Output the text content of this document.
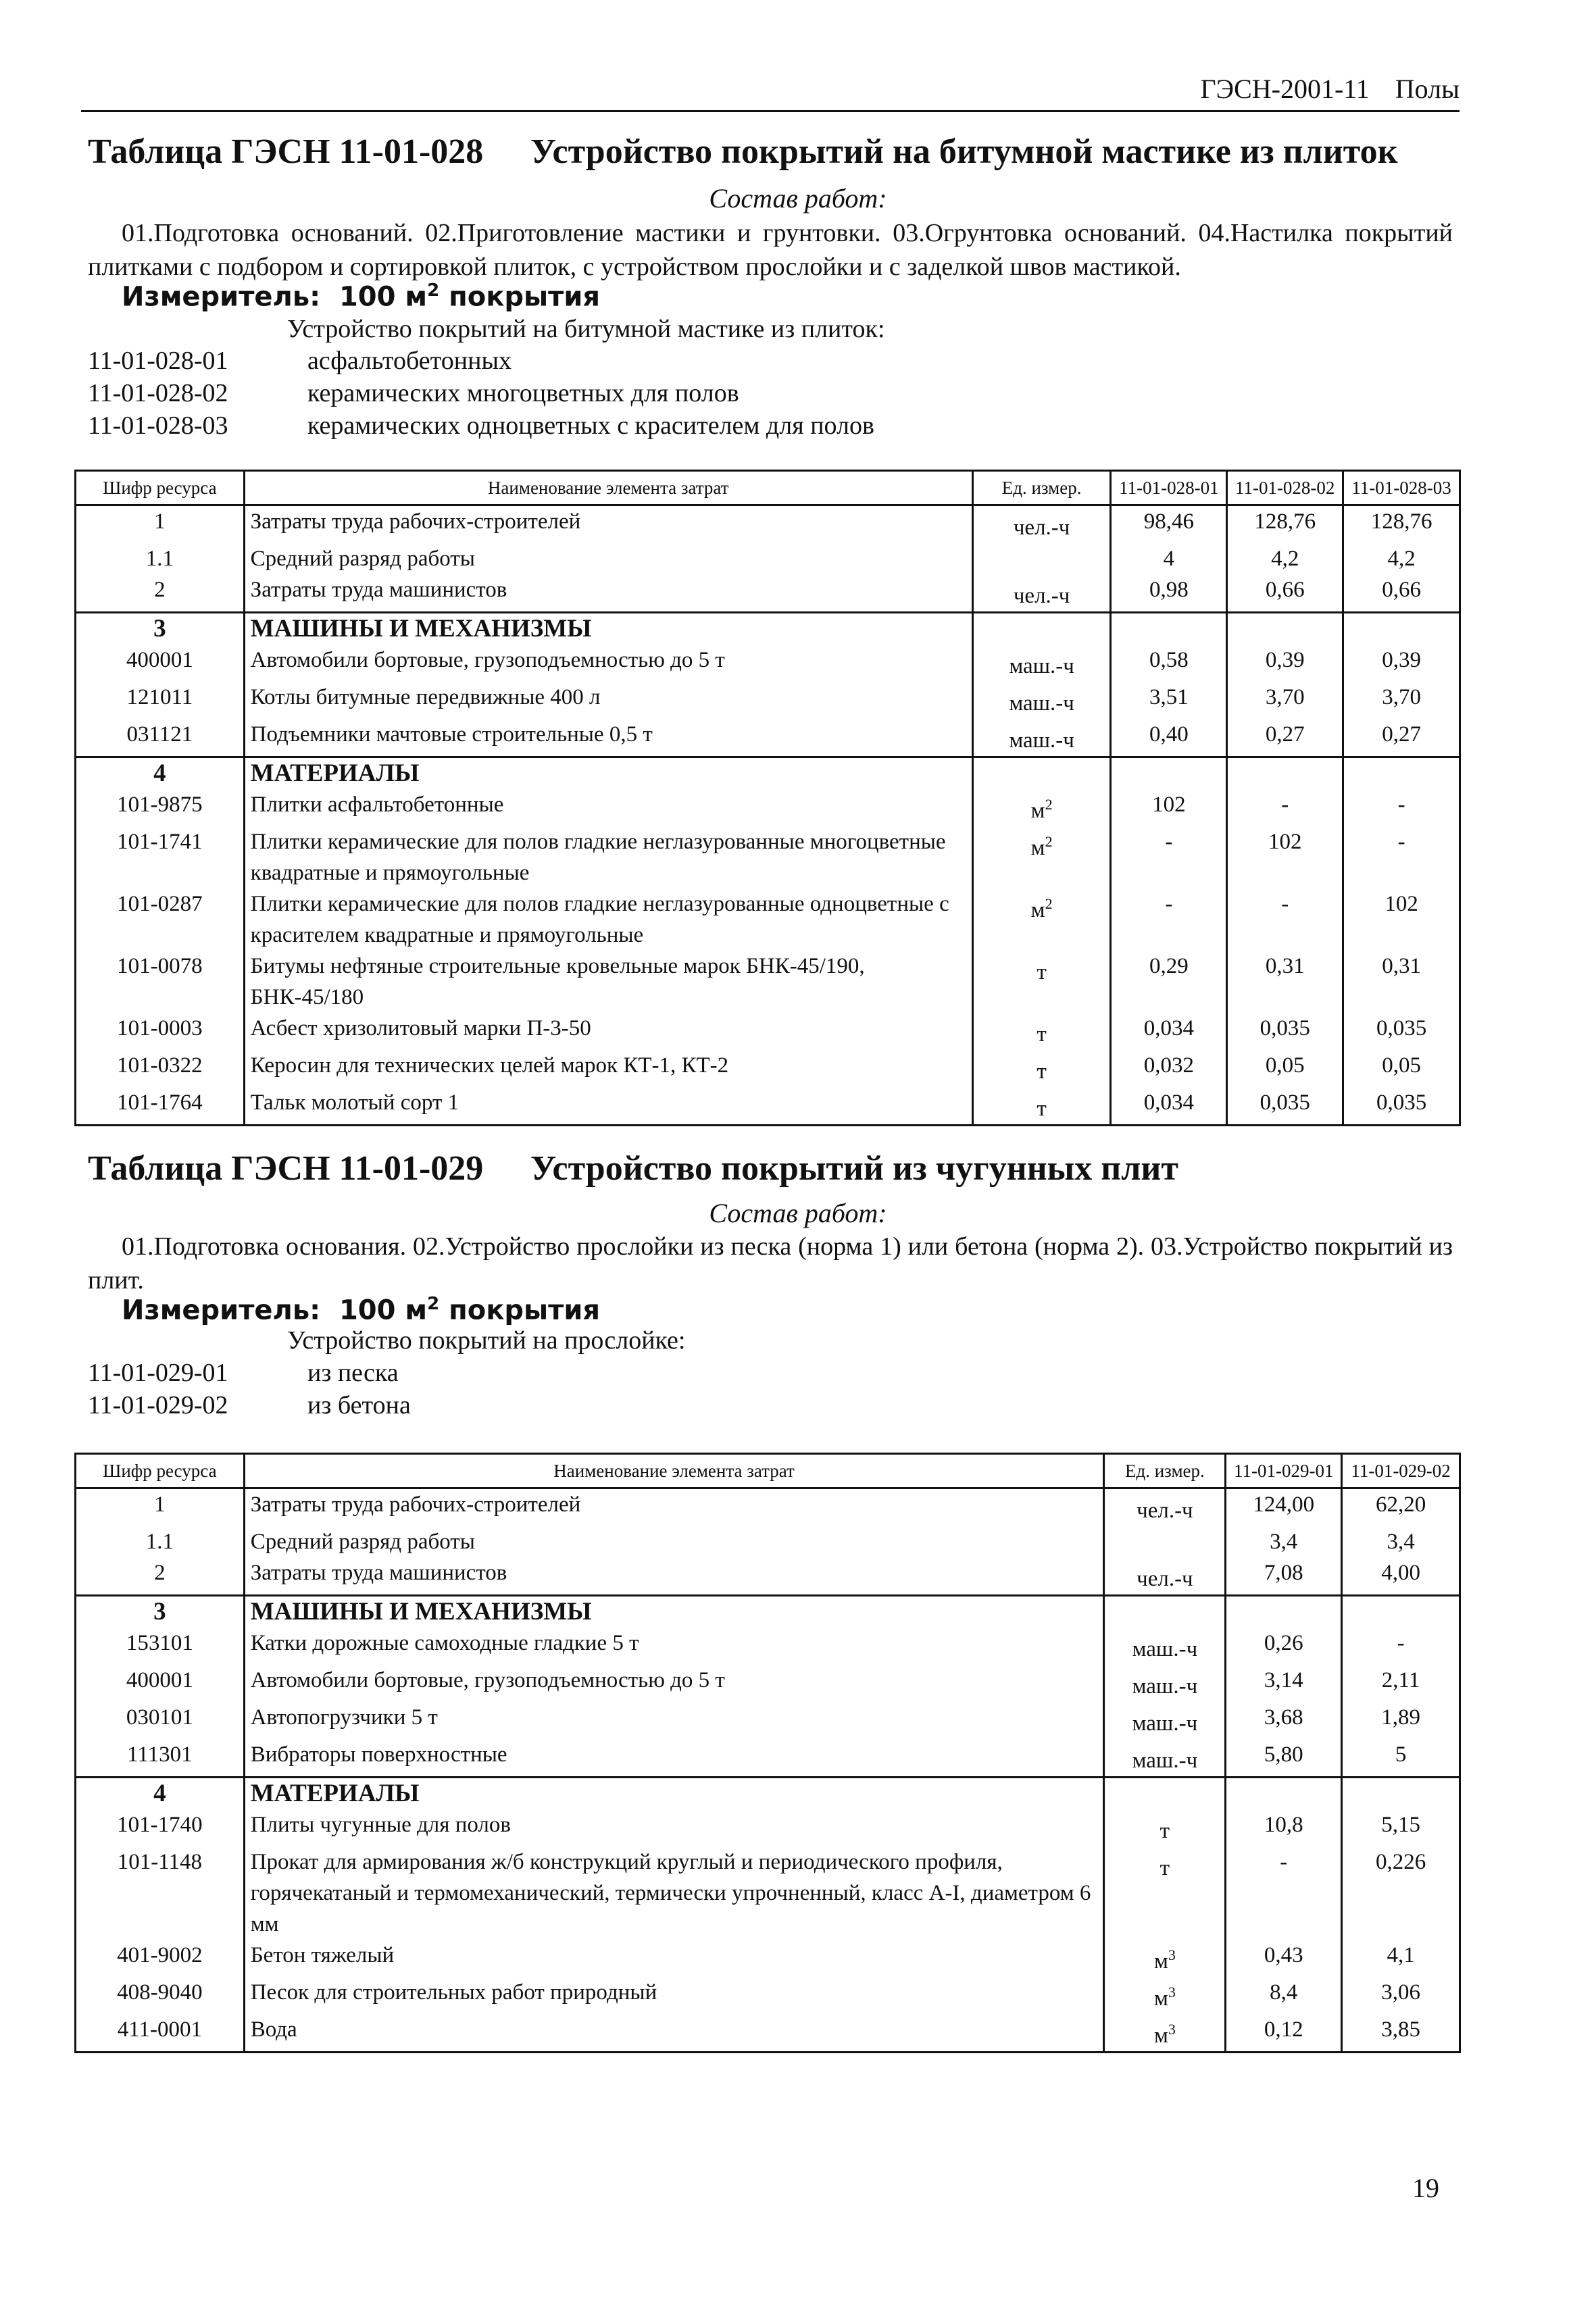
ГЭСН-2001-11 Полы
Таблица ГЭСН 11-01-028 Устройство покрытий на битумной мастике из плиток
Состав работ:
01.Подготовка оснований. 02.Приготовление мастики и грунтовки. 03.Огрунтовка оснований. 04.Настилка покрытий плитками с подбором и сортировкой плиток, с устройством прослойки и с заделкой швов мастикой.
Измеритель: 100 $м^2$ покрытия
Устройство покрытий на битумной мастике из плиток:
11-01-028-01	асфальтобетонных
11-01-028-02	керамических многоцветных для полов
11-01-028-03	керамических одноцветных с красителем для полов
Шифр ресурса	Наименование элемента затрат	Ед. измер.	11-01-028-01	11-01-028-02	11-01-028-03
1	Затраты труда рабочих-строителей	чел.-ч	98,46	128,76	128,76
1.1	Средний разряд работы		4	4,2	4,2
2	Затраты труда машинистов	чел.-ч	0,98	0,66	0,66
3	МАШИНЫ И МЕХАНИЗМЫ				
400001	Автомобили бортовые, грузоподъемностью до 5 т	маш.-ч	0,58	0,39	0,39
121011	Котлы битумные передвижные 400 л	маш.-ч	3,51	3,70	3,70
031121	Подъемники мачтовые строительные 0,5 т	маш.-ч	0,40	0,27	0,27
4	МАТЕРИАЛЫ				
101-9875	Плитки асфальтобетонные	$м^2$	102	-	-
101-1741	Плитки керамические для полов гладкие неглазурованные многоцветные квадратные и прямоугольные	$м^2$	-	102	-
101-0287	Плитки керамические для полов гладкие неглазурованные одноцветные с красителем квадратные и прямоугольные	$м^2$	-	-	102
101-0078	Битумы нефтяные строительные кровельные марок БНК-45/190, БНК-45/180	т	0,29	0,31	0,31
101-0003	Асбест хризолитовый марки П-3-50	т	0,034	0,035	0,035
101-0322	Керосин для технических целей марок КТ-1, КТ-2	т	0,032	0,05	0,05
101-1764	Тальк молотый сорт 1	т	0,034	0,035	0,035
Таблица ГЭСН 11-01-029 Устройство покрытий из чугунных плит
Состав работ:
01.Подготовка основания. 02.Устройство прослойки из песка (норма 1) или бетона (норма 2). 03.Устройство покрытий из плит.
Измеритель: 100 $м^2$ покрытия
Устройство покрытий на прослойке:
11-01-029-01	из песка
11-01-029-02	из бетона
Шифр ресурса	Наименование элемента затрат	Ед. измер.	11-01-029-01	11-01-029-02
1	Затраты труда рабочих-строителей	чел.-ч	124,00	62,20
1.1	Средний разряд работы		3,4	3,4
2	Затраты труда машинистов	чел.-ч	7,08	4,00
3	МАШИНЫ И МЕХАНИЗМЫ			
153101	Катки дорожные самоходные гладкие 5 т	маш.-ч	0,26	-
400001	Автомобили бортовые, грузоподъемностью до 5 т	маш.-ч	3,14	2,11
030101	Автопогрузчики 5 т	маш.-ч	3,68	1,89
111301	Вибраторы поверхностные	маш.-ч	5,80	5
4	МАТЕРИАЛЫ			
101-1740	Плиты чугунные для полов	т	10,8	5,15
101-1148	Прокат для армирования ж/б конструкций круглый и периодического профиля, горячекатаный и термомеханический, термически упрочненный, класс А-I, диаметром 6 мм	т	-	0,226
401-9002	Бетон тяжелый	$м^3$	0,43	4,1
408-9040	Песок для строительных работ природный	$м^3$	8,4	3,06
411-0001	Вода	$м^3$	0,12	3,85
19
